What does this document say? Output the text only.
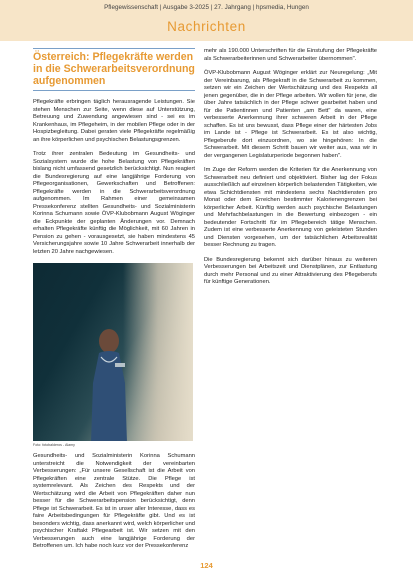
Pflegewissenschaft | Ausgabe 3-2025 | 27. Jahrgang | hpsmedia, Hungen
Nachrichten
Österreich: Pflegekräfte werden in die Schwerarbeitsverordnung aufgenommen

Pflegekräfte erbringen täglich herausragende Leistungen. Sie stehen Menschen zur Seite, wenn diese auf Unterstützung, Betreuung und Zuwendung angewiesen sind - sei es im Krankenhaus, im Pflegeheim, in der mobilen Pflege oder in der Hospizbegleitung. Dabei geraten viele Pflegekräfte regelmäßig an ihre körperlichen und psychischen Belastungsgrenzen.

Trotz ihrer zentralen Bedeutung im Gesundheits- und Sozialsystem wurde die hohe Belastung von Pflegekräften bislang nicht umfassend gesetzlich berücksichtigt. Nun reagiert die Bundesregierung auf eine langjährige Forderung von Pflegeorganisationen, Gewerkschaften und Betroffenen: Pflegekräfte werden in die Schwerarbeitsverordnung aufgenommen. Im Rahmen einer gemeinsamen Pressekonferenz stellten Gesundheits- und Sozialministerin Korinna Schumann sowie ÖVP-Klubobmann August Wöginger die Eckpunkte der geplanten Änderungen vor. Demnach erhalten Pflegekräfte künftig die Möglichkeit, mit 60 Jahren in Pension zu gehen - vorausgesetzt, sie haben mindestens 45 Versicherungsjahre sowie 10 Jahre Schwerarbeit innerhalb der letzten 20 Jahre nachgewiesen.

Foto: fotobalderos - Alamy

Gesundheits- und Sozialministerin Korinna Schumann unterstreicht die Notwendigkeit der vereinbarten Verbesserungen: „Für unsere Gesellschaft ist die Arbeit von Pflegekräften eine zentrale Stütze. Die Pflege ist systemrelevant. Als Zeichen des Respekts und der Wertschätzung wird die Arbeit von Pflegekräften daher nun besser für die Schwerarbeitspension berücksichtigt, denn Pflege ist Schwerarbeit. Es ist in unser aller Interesse, dass es faire Arbeitsbedingungen für Pflegekräfte gibt. Und es ist besonders wichtig, dass anerkannt wird, welch körperlicher und psychischer Kraftakt Pflegearbeit ist. Wir setzen mit den Verbesserungen auch eine langjährige Forderung der Betroffenen um. Ich habe noch kurz vor der Pressekonferenz

mehr als 190.000 Unterschriften für die Einstufung der Pflegekräfte als Schwerarbeiterinnen und Schwerarbeiter übernommen".

ÖVP-Klubobmann August Wöginger erklärt zur Neuregelung: „Mit der Vereinbarung, als Pflegekraft in die Schwerarbeit zu kommen, setzen wir ein Zeichen der Wertschätzung und des Respekts all jenen gegenüber, die in der Pflege arbeiten. Wir wollen für jene, die über Jahre tatsächlich in der Pflege schwer gearbeitet haben und für die Patientinnen und Patienten „am Bett" da waren, eine verbesserte Anerkennung ihrer schweren Arbeit in der Pflege schaffen. Es ist uns bewusst, dass Pflege einer der härtesten Jobs im Lande ist - Pflege ist Schwerarbeit. Es ist also wichtig, Pflegeberufe dort einzuordnen, wo sie hingehören: In die Schwerarbeit. Mit diesem Schritt bauen wir weiter aus, was wir in der vergangenen Legislaturperiode begonnen haben".

Im Zuge der Reform werden die Kriterien für die Anerkennung von Schwerarbeit neu definiert und objektiviert. Bisher lag der Fokus ausschließlich auf einzelnen körperlich belastenden Tätigkeiten, wie etwa Schichtdiensten mit mindestens sechs Nachtdiensten pro Monat oder dem Erreichen bestimmter Kalorienengrenzen bei körperlicher Arbeit. Künftig werden auch psychische Belastungen und Mehrfachbelastungen in die Bewertung einbezogen - ein bedeutender Fortschritt für im Pflegebereich tätige Menschen. Zudem ist eine verbesserte Anerkennung von geleisteten Stunden und Diensten vorgesehen, um der tatsächlichen Arbeitsrealität besser Rechnung zu tragen.

Die Bundesregierung bekennt sich darüber hinaus zu weiteren Verbesserungen bei Arbeitszeit und Dienstplänen, zur Entlastung durch mehr Personal und zu einer Attraktivierung des Pflegeberufs für künftige Generationen.

124
